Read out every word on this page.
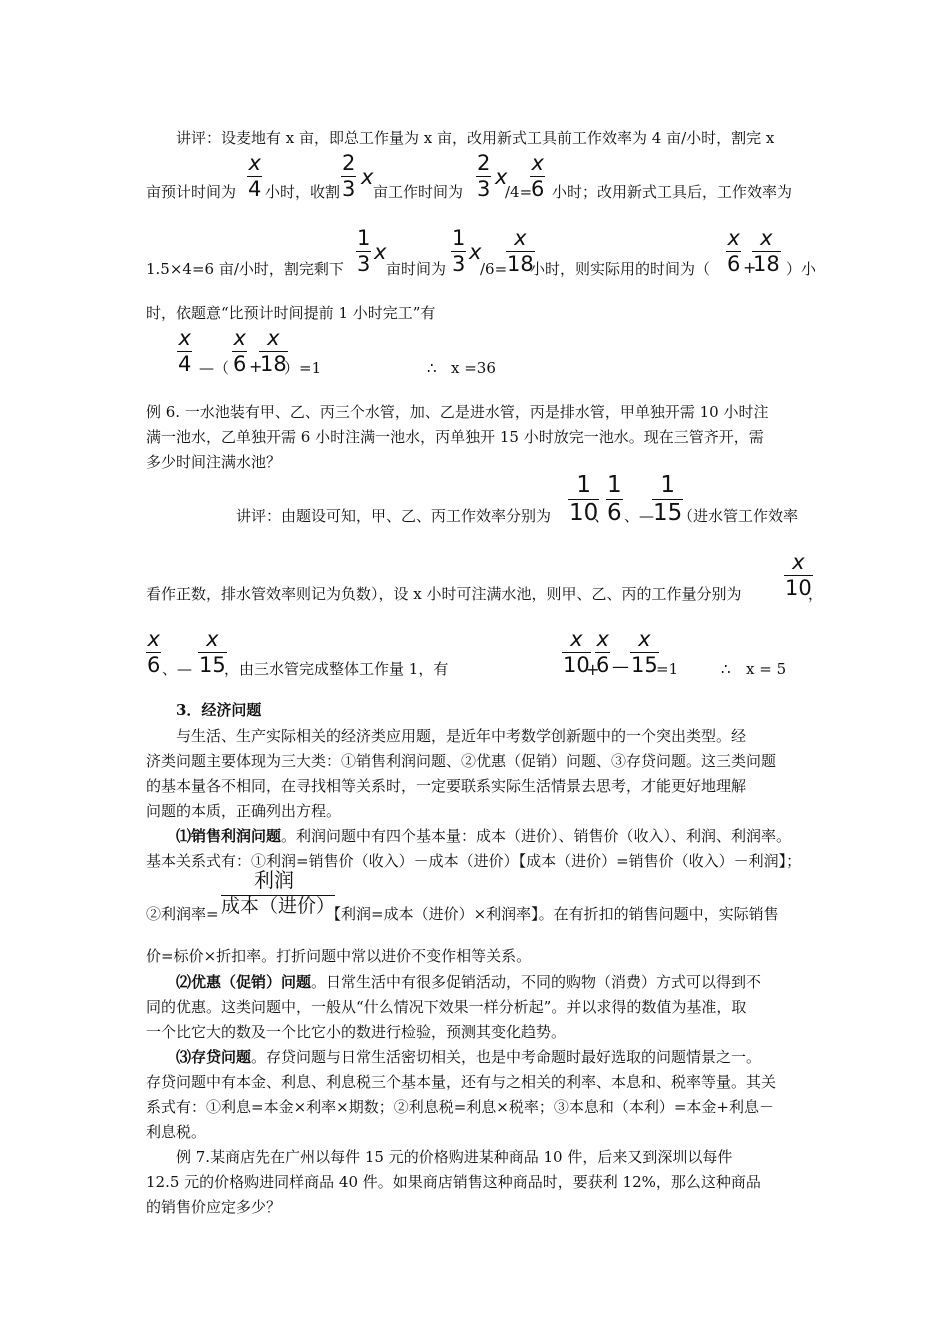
讲评：设麦地有 x 亩，即总工作量为 x 亩，改用新式工具前工作效率为 4 亩/小时，割完 x
x
4
2
3 x
2
3 x
x
6
亩预计时间为 小时，收割 亩工作时间为	/4= 小时；改用新式工具后，工作效率为
1
3 x
1
3 x
x
18
x
6 +
x
18
1.5×4=6 亩/小时，割完剩下	亩时间为 /6= 小时，则实际用的时间为（	）小
时，依题意“比预计时间提前 1 小时完工”有
x
4 —（
x
6 +
x
18
）=1	∴ x =36
例 6. 一水池装有甲、乙、丙三个水管，加、乙是进水管，丙是排水管，甲单独开需 10 小时注
满一池水，乙单独开需 6 小时注满一池水，丙单独开 15 小时放完一池水。现在三管齐开，需
多少时间注满水池？
讲评：由题设可知，甲、乙、丙工作效率分别为
1
10
、
1
6 、—
1
15
（进水管工作效率
x
10
看作正数，排水管效率则记为负数），设 x 小时可注满水池，则甲、乙、丙的工作量分别为	，
x
6 、—
x
15
，由三水管完成整体工作量 1，有
x
10
+
x
6 —
x
15
=1	∴ x = 5
3．经济问题
与生活、生产实际相关的经济类应用题，是近年中考数学创新题中的一个突出类型。经
济类问题主要体现为三大类：①销售利润问题、②优惠（促销）问题、③存贷问题。这三类问题
的基本量各不相同，在寻找相等关系时，一定要联系实际生活情景去思考，才能更好地理解
问题的本质，正确列出方程。
⑴销售利润问题。利润问题中有四个基本量：成本（进价）、销售价（收入）、利润、利润率。
基本关系式有：①利润=销售价（收入）－成本（进价）【成本（进价）=销售价（收入）－利润】；
②利润率=
利润
成本（进价）
【利润=成本（进价）×利润率】。在有折扣的销售问题中，实际销售
价=标价×折扣率。打折问题中常以进价不变作相等关系。
⑵优惠（促销）问题。日常生活中有很多促销活动，不同的购物（消费）方式可以得到不
同的优惠。这类问题中，一般从“什么情况下效果一样分析起”。并以求得的数值为基准，取
一个比它大的数及一个比它小的数进行检验，预测其变化趋势。
⑶存贷问题。存贷问题与日常生活密切相关，也是中考命题时最好选取的问题情景之一。
存贷问题中有本金、利息、利息税三个基本量，还有与之相关的利率、本息和、税率等量。其关
系式有：①利息=本金×利率×期数；②利息税=利息×税率；③本息和（本利）=本金+利息－
利息税。
例 7.某商店先在广州以每件 15 元的价格购进某种商品 10 件，后来又到深圳以每件
12.5 元的价格购进同样商品 40 件。如果商店销售这种商品时，要获利 12%，那么这种商品
的销售价应定多少？
